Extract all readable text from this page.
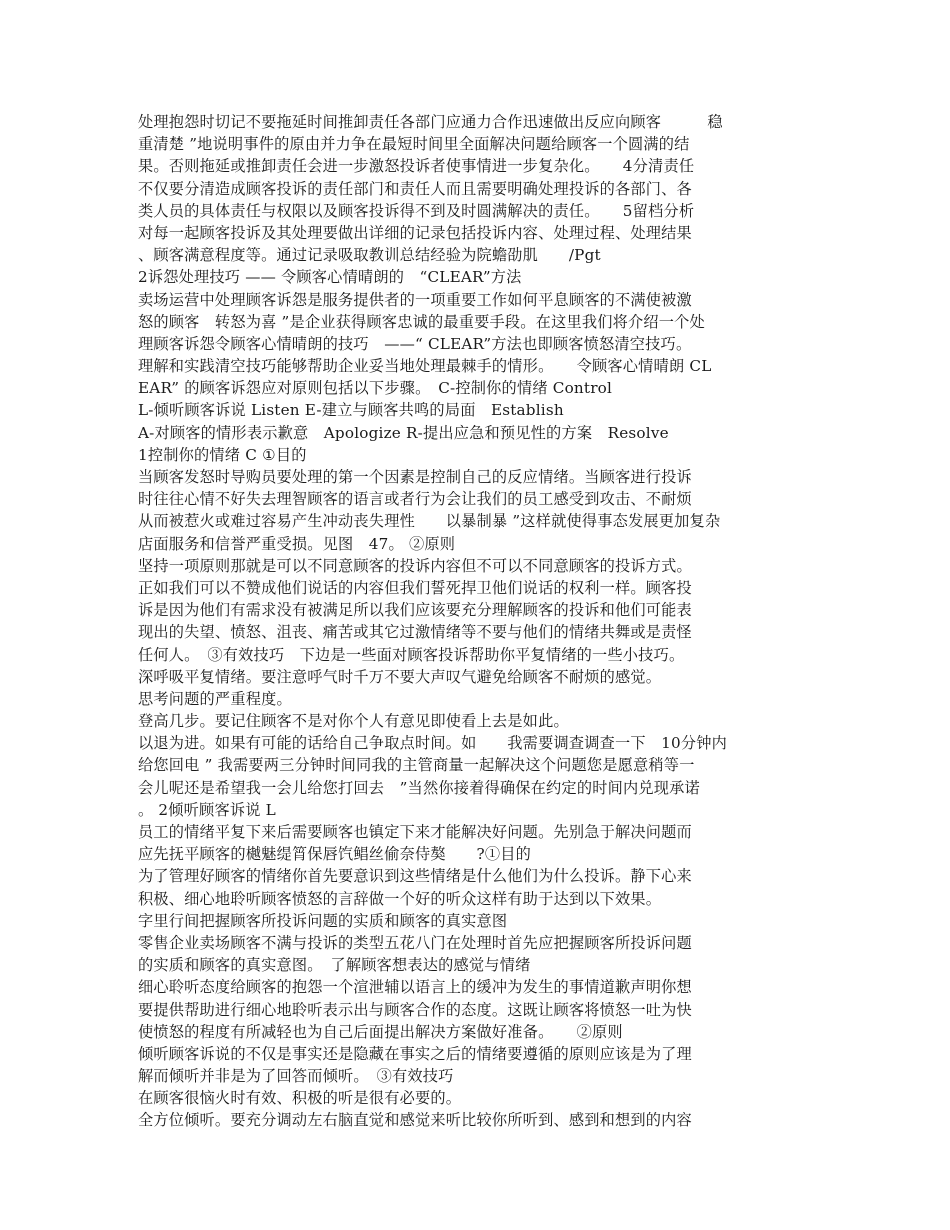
处理抱怨时切记不要拖延时间推卸责任各部门应通力合作迅速做出反应向顾客　　　稳
重清楚 ”地说明事件的原由并力争在最短时间里全面解决问题给顾客一个圆满的结
果。否则拖延或推卸责任会进一步激怒投诉者使事情进一步复杂化。　　4分清责任
不仅要分清造成顾客投诉的责任部门和责任人而且需要明确处理投诉的各部门、各
类人员的具体责任与权限以及顾客投诉得不到及时圆满解决的责任。　　5留档分析
对每一起顾客投诉及其处理要做出详细的记录包括投诉内容、处理过程、处理结果
、顾客满意程度等。通过记录吸取教训总结经验为院蟾劭肌　　/Pgt
2诉怨处理技巧 —— 令顾客心情晴朗的　“CLEAR”方法
卖场运营中处理顾客诉怨是服务提供者的一项重要工作如何平息顾客的不满使被激
怒的顾客　转怒为喜 ”是企业获得顾客忠诚的最重要手段。在这里我们将介绍一个处
理顾客诉怨令顾客心情晴朗的技巧　——“ CLEAR”方法也即顾客愤怒清空技巧。
理解和实践清空技巧能够帮助企业妥当地处理最棘手的情形。　　令顾客心情晴朗 CL
EAR” 的顾客诉怨应对原则包括以下步骤。　C-控制你的情绪 Control
L-倾听顾客诉说 Listen E-建立与顾客共鸣的局面　Establish
A-对顾客的情形表示歉意　Apologize R-提出应急和预见性的方案　Resolve
1控制你的情绪 C ①目的
当顾客发怒时导购员要处理的第一个因素是控制自己的反应情绪。当顾客进行投诉
时往往心情不好失去理智顾客的语言或者行为会让我们的员工感受到攻击、不耐烦
从而被惹火或难过容易产生冲动丧失理性　　以暴制暴 ”这样就使得事态发展更加复杂
店面服务和信誉严重受损。见图　47。 ②原则
坚持一项原则那就是可以不同意顾客的投诉内容但不可以不同意顾客的投诉方式。
正如我们可以不赞成他们说话的内容但我们誓死捍卫他们说话的权利一样。顾客投
诉是因为他们有需求没有被满足所以我们应该要充分理解顾客的投诉和他们可能表
现出的失望、愤怒、沮丧、痛苦或其它过激情绪等不要与他们的情绪共舞或是责怪
任何人。　③有效技巧　下边是一些面对顾客投诉帮助你平复情绪的一些小技巧。
深呼吸平复情绪。要注意呼气时千万不要大声叹气避免给顾客不耐烦的感觉。
思考问题的严重程度。
登高几步。要记住顾客不是对你个人有意见即使看上去是如此。
以退为进。如果有可能的话给自己争取点时间。如　　我需要调查调查一下　10分钟内
给您回电 ” 我需要两三分钟时间同我的主管商量一起解决这个问题您是愿意稍等一
会儿呢还是希望我一会儿给您打回去　”当然你接着得确保在约定的时间内兑现承诺
。 2倾听顾客诉说 L
员工的情绪平复下来后需要顾客也镇定下来才能解决好问题。先别急于解决问题而
应先抚平顾客的樾魅缇筲保唇饩鲳丝偷奈侍獒　　?①目的
为了管理好顾客的情绪你首先要意识到这些情绪是什么他们为什么投诉。静下心来
积极、细心地聆听顾客愤怒的言辞做一个好的听众这样有助于达到以下效果。
字里行间把握顾客所投诉问题的实质和顾客的真实意图
零售企业卖场顾客不满与投诉的类型五花八门在处理时首先应把握顾客所投诉问题
的实质和顾客的真实意图。　了解顾客想表达的感觉与情绪
细心聆听态度给顾客的抱怨一个渲泄辅以语言上的缓冲为发生的事情道歉声明你想
要提供帮助进行细心地聆听表示出与顾客合作的态度。这既让顾客将愤怒一吐为快
使愤怒的程度有所减轻也为自己后面提出解决方案做好准备。　　②原则
倾听顾客诉说的不仅是事实还是隐藏在事实之后的情绪要遵循的原则应该是为了理
解而倾听并非是为了回答而倾听。　③有效技巧
在顾客很恼火时有效、积极的听是很有必要的。
全方位倾听。要充分调动左右脑直觉和感觉来听比较你所听到、感到和想到的内容
